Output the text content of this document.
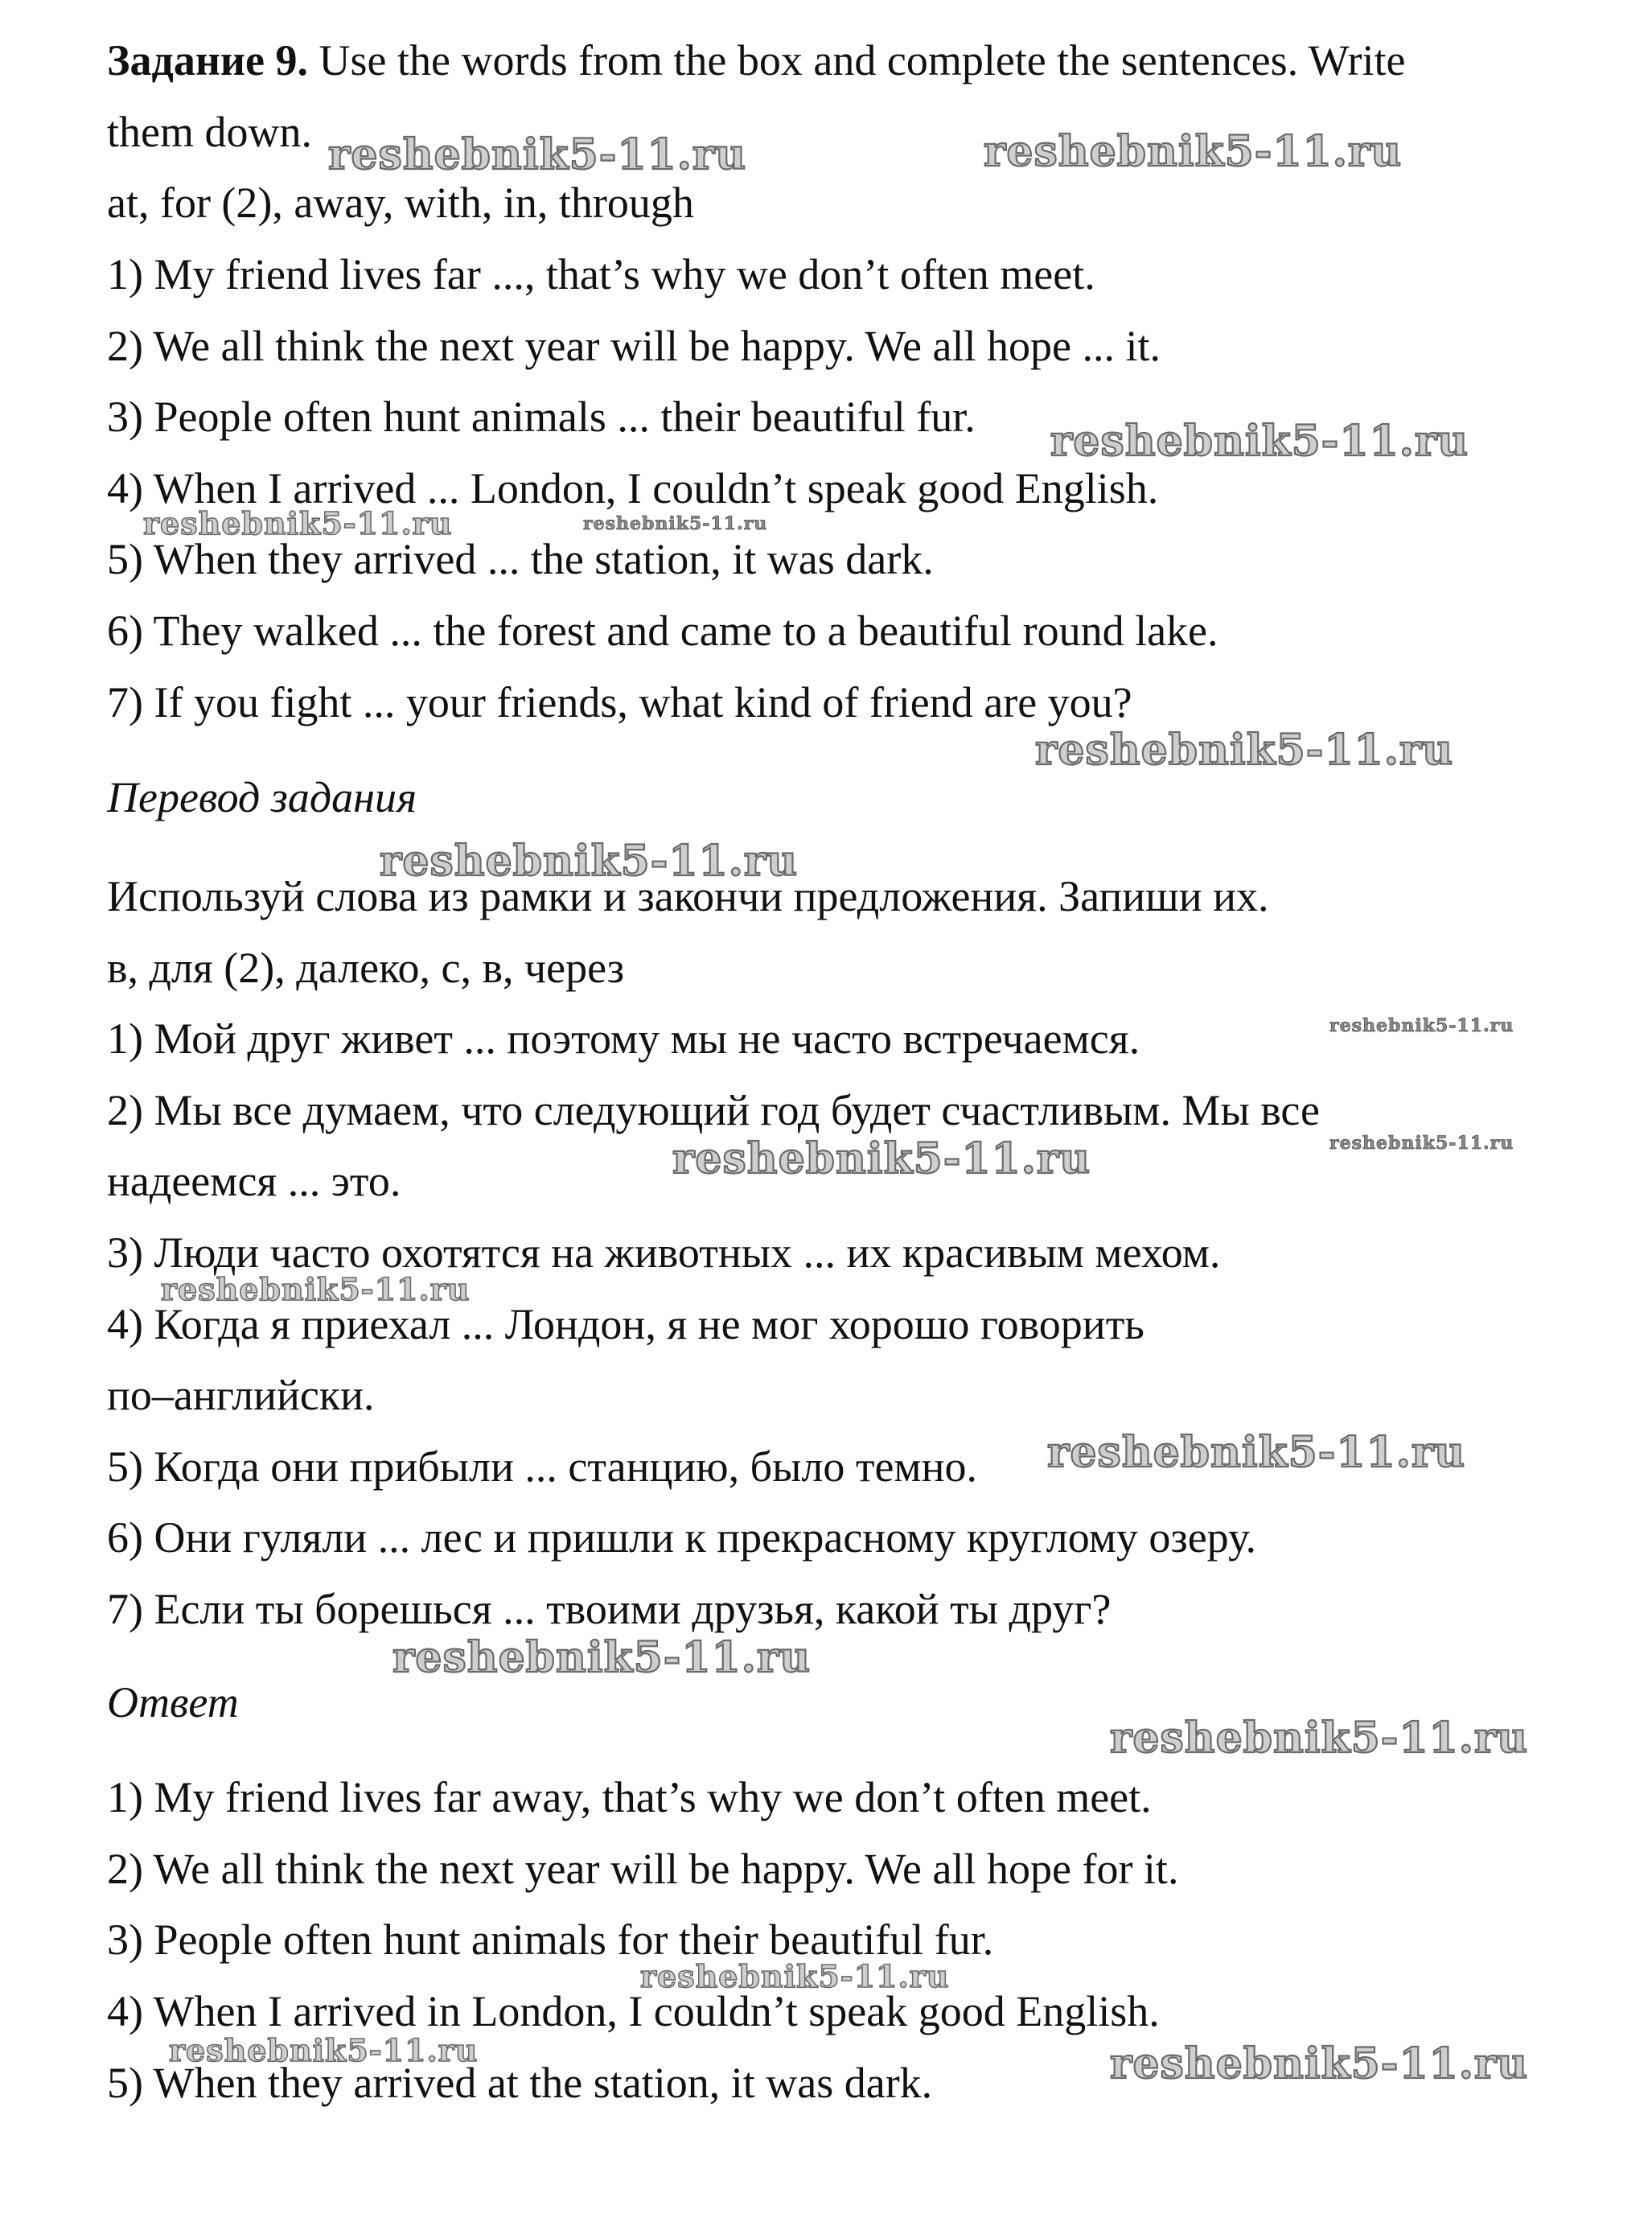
Задание 9. Use the words from the box and complete the sentences. Write
them down.
at, for (2), away, with, in, through
1) My friend lives far ..., that’s why we don’t often meet.
2) We all think the next year will be happy. We all hope ... it.
3) People often hunt animals ... their beautiful fur.
4) When I arrived ... London, I couldn’t speak good English.
5) When they arrived ... the station, it was dark.
6) They walked ... the forest and came to a beautiful round lake.
7) If you fight ... your friends, what kind of friend are you?
Перевод задания
Используй слова из рамки и закончи предложения. Запиши их.
в, для (2), далеко, с, в, через
1) Мой друг живет ... поэтому мы не часто встречаемся.
2) Мы все думаем, что следующий год будет счастливым. Мы все
надеемся ... это.
3) Люди часто охотятся на животных ... их красивым мехом.
4) Когда я приехал ... Лондон, я не мог хорошо говорить
по–английски.
5) Когда они прибыли ... станцию, было темно.
6) Они гуляли ... лес и пришли к прекрасному круглому озеру.
7) Если ты борешься ... твоими друзья, какой ты друг?
Ответ
1) My friend lives far away, that’s why we don’t often meet.
2) We all think the next year will be happy. We all hope for it.
3) People often hunt animals for their beautiful fur.
4) When I arrived in London, I couldn’t speak good English.
5) When they arrived at the station, it was dark.
reshebnik5-11.ru	reshebnik5-11.ru
reshebnik5-11.ru
reshebnik5-11.ru	reshebnik5-11.ru
reshebnik5-11.ru
reshebnik5-11.ru
reshebnik5-11.ru
reshebnik5-11.ru	reshebnik5-11.ru
reshebnik5-11.ru
reshebnik5-11.ru
reshebnik5-11.ru
reshebnik5-11.ru
reshebnik5-11.ru
reshebnik5-11.ru	reshebnik5-11.ru
